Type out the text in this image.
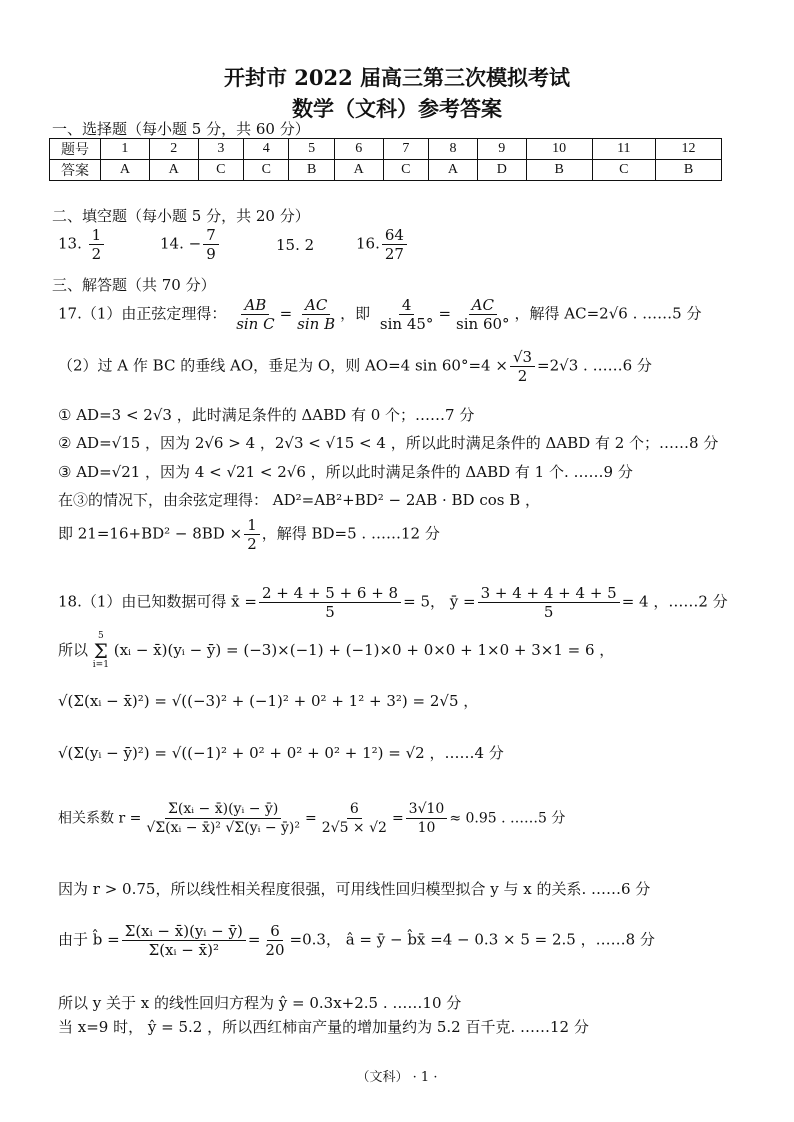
开封市 2022 届高三第三次模拟考试
数学（文科）参考答案
一、选择题（每小题 5 分，共 60 分）
题号	1	2	3	4	5	6	7	8	9	10	11	12
答案	A	A	C	C	B	A	C	A	D	B	C	B
二、填空题（每小题 5 分，共 20 分）
13. $\frac{1}{2}$	14. − $\frac{7}{9}$	15. 2	16. $\frac{64}{27}$
三、解答题（共 70 分）
17.（1）由正弦定理得： $\frac{AB}{\text{sin C}} = \frac{AC}{\text{sin B}}$ ，即 $\frac{4}{\sin 45^\circ} = \frac{AC}{\sin 60^\circ}$ ，解得 AC=2√6 . ……5 分
（2）过 A 作 BC 的垂线 AO，垂足为 O，则 AO=4 $\sin 60^\circ=4 \times \frac{√3}{2} =2√3$ . ……6 分
① AD=3 < 2√3 ，此时满足条件的 ΔABD 有 0 个；……7 分
② AD=√15 ，因为 2√6 > 4 ，2√3 < √15 < 4 ，所以此时满足条件的 ΔABD 有 2 个；……8 分
③ AD=√21 ，因为 4 < √21 < 2√6 ，所以此时满足条件的 ΔABD 有 1 个. ……9 分
在③的情况下，由余弦定理得： AD²=AB²+BD² − 2AB · BD cos B ，
即 $21=16+BD^2 - 8BD \times \frac{1}{2}$ ，解得 BD=5 . ……12 分
18.（1）由已知数据可得 x̄ = $\frac{2 + 4 + 5 + 6 + 8}{5} = 5$， ȳ = $\frac{3 + 4 + 4 + 4 + 5}{5} = 4$ ，……2 分
所以
5
Σ
i=1
(xᵢ − x̄)(yᵢ − ȳ) = (−3)×(−1) + (−1)×0 + 0×0 + 1×0 + 3×1 = 6 ，
√(Σ(xᵢ − x̄)²) = √((−3)² + (−1)² + 0² + 1² + 3²) = 2√5 ，
√(Σ(yᵢ − ȳ)²) = √((−1)² + 0² + 0² + 0² + 1²) = √2 ，……4 分
相关系数 $r = \frac{\text{Σ(xᵢ − x̄)(yᵢ − ȳ)}}{\text{√Σ(xᵢ − x̄)² √Σ(yᵢ − ȳ)²}} = \frac{6}{2√5 \times √2} = \frac{3√10}{10} \approx 0.95$ . ……5 分
因为 r > 0.75，所以线性相关程度很强，可用线性回归模型拟合 y 与 x 的关系. ……6 分
由于 b̂ = $\frac{\text{Σ(xᵢ − x̄)(yᵢ − ȳ)}}{\text{Σ(xᵢ − x̄)²}} = \frac{6}{20} =0.3$， â = ȳ − b̂x̄ =4 − 0.3 × 5 = 2.5 ，……8 分
所以 y 关于 x 的线性回归方程为 ŷ = 0.3x+2.5 . ……10 分
当 x=9 时， ŷ = 5.2 ，所以西红柿亩产量的增加量约为 5.2 百千克. ……12 分
（文科） · 1 ·
